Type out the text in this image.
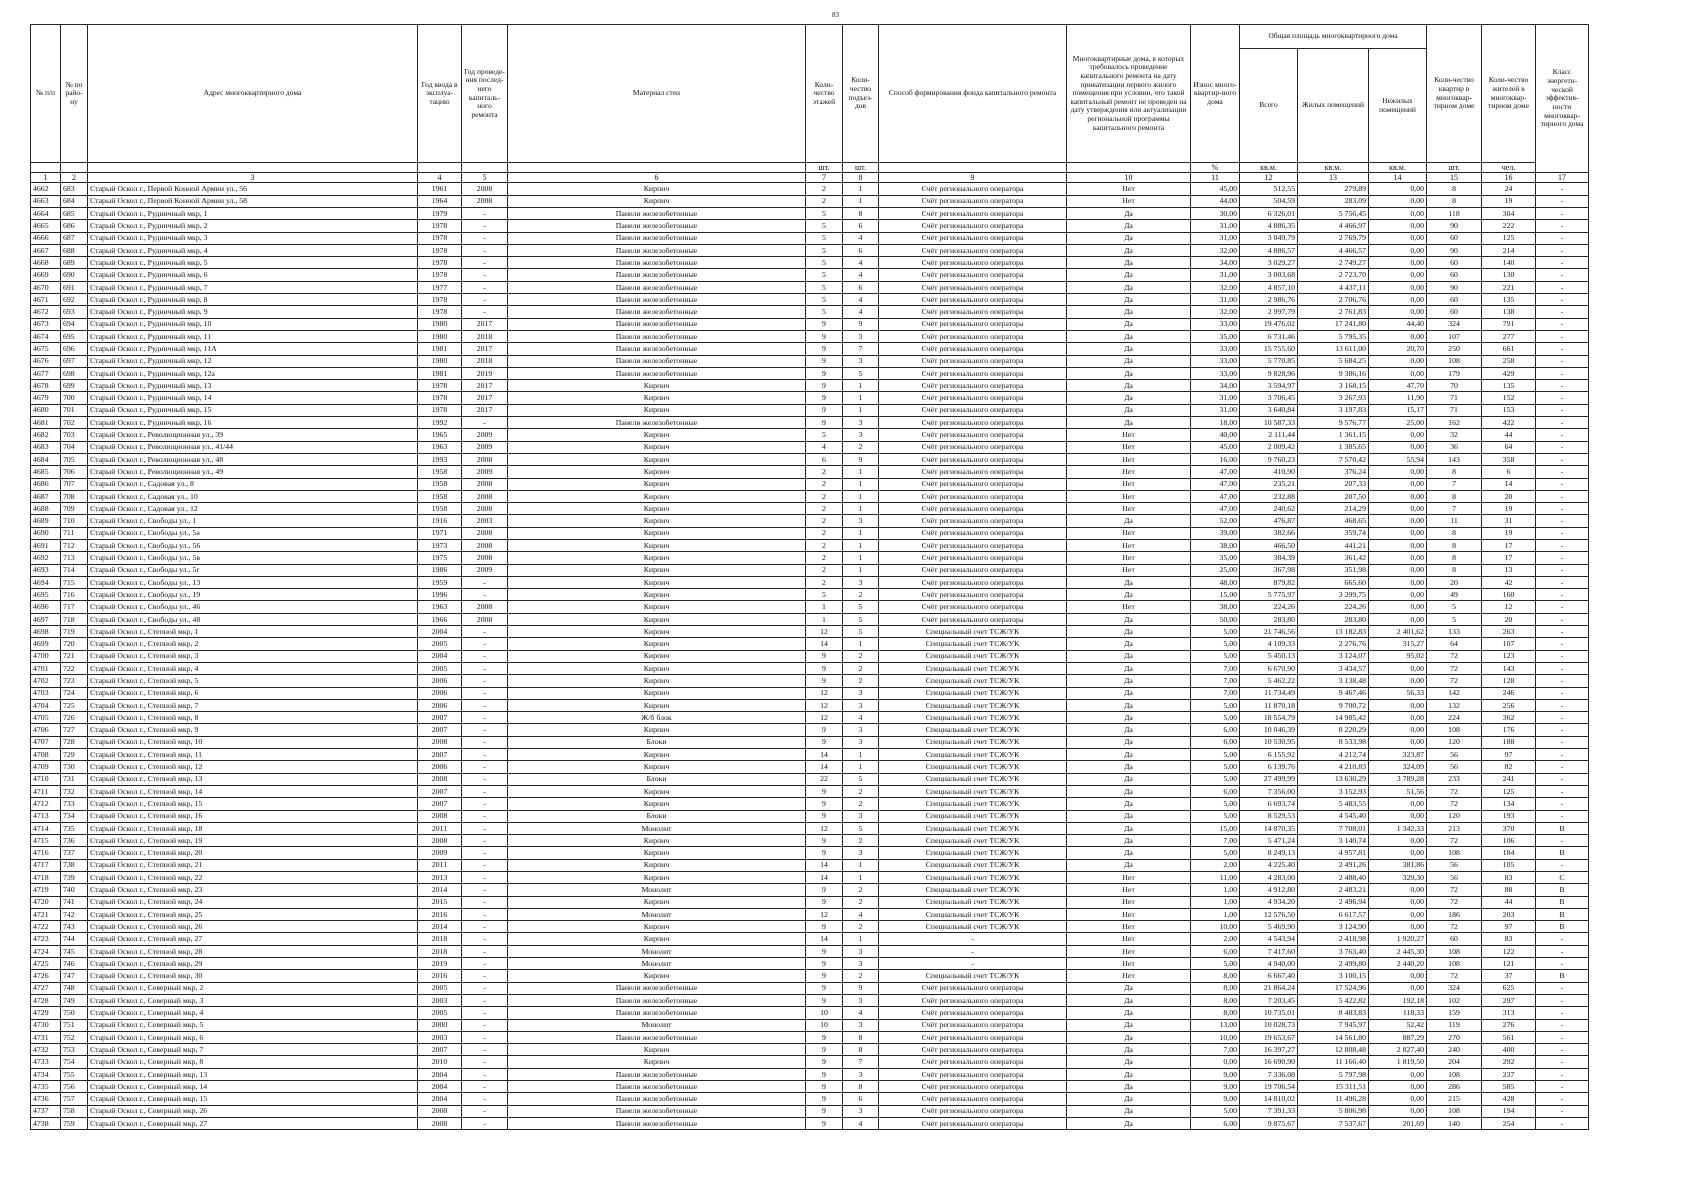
83
№ п/п	№ по райо-ну	Адрес многоквартирного дома	Год ввода в эксплуа-тацию	Год проведе-ния послед-него капиталь-ного ремонта	Материал стен	Коли-чество этажей	Коли-чество подъез-дов	Способ формирования фонда капитального ремонта	Многоквартирные дома, в которых требовалось проведение капитального ремонта на дату приватизации первого жилого помещения при условии, что такой капитальный ремонт не проведен на дату утверждения или актуализации региональной программы капитального ремонта	Износ много-квартир-ного дома	Общая площадь многоквартирного дома			Коли-чество квартир в многоквар-тирном доме	Коли-чество жителей в многоквар-тирном доме	Класс энергети-ческой эффектив-ности многоквар-тирного дома
											Всего	Жилых помещений	Нежилых помещений			
						шт.	шт.			%	кв.м.	кв.м.	кв.м.	шт.	чел.	
1	2	3	4	5	6	7	8	9	10	11	12	13	14	15	16	17
4662	683	Старый Оскол г., Первой Конной Армии ул., 56	1961	2008	Кирпич	2	1	Счёт регионального оператора	Нет	45,00	512,55	279,89	0,00	8	24	-
4663	684	Старый Оскол г., Первой Конной Армии ул., 58	1964	2008	Кирпич	2	1	Счёт регионального оператора	Нет	44,00	504,59	283,09	0,00	8	19	-
4664	685	Старый Оскол г., Рудничный мкр, 1	1979	-	Панели железобетонные	5	8	Счёт регионального оператора	Да	30,00	6 326,01	5 756,45	0,00	118	304	-
4665	686	Старый Оскол г., Рудничный мкр, 2	1978	-	Панели железобетонные	5	6	Счёт регионального оператора	Да	31,00	4 886,35	4 466,97	0,00	90	222	-
4666	687	Старый Оскол г., Рудничный мкр, 3	1978	-	Панели железобетонные	5	4	Счёт регионального оператора	Да	31,00	3 049,79	2 769,79	0,00	60	125	-
4667	688	Старый Оскол г., Рудничный мкр, 4	1978	-	Панели железобетонные	5	6	Счёт регионального оператора	Да	32,00	4 886,57	4 466,57	0,00	90	214	-
4668	689	Старый Оскол г., Рудничный мкр, 5	1978	-	Панели железобетонные	5	4	Счёт регионального оператора	Да	34,00	3 029,27	2 749,27	0,00	60	140	-
4669	690	Старый Оскол г., Рудничный мкр, 6	1978	-	Панели железобетонные	5	4	Счёт регионального оператора	Да	31,00	3 003,68	2 723,70	0,00	60	130	-
4670	691	Старый Оскол г., Рудничный мкр, 7	1977	-	Панели железобетонные	5	6	Счёт регионального оператора	Да	32,00	4 857,10	4 437,11	0,00	90	221	-
4671	692	Старый Оскол г., Рудничный мкр, 8	1978	-	Панели железобетонные	5	4	Счёт регионального оператора	Да	31,00	2 986,76	2 706,76	0,00	60	135	-
4672	693	Старый Оскол г., Рудничный мкр, 9	1978	-	Панели железобетонные	5	4	Счёт регионального оператора	Да	32,00	2 997,79	2 761,83	0,00	60	138	-
4673	694	Старый Оскол г., Рудничный мкр, 10	1980	2017	Панели железобетонные	9	9	Счёт регионального оператора	Да	33,00	19 476,02	17 241,80	44,40	324	791	-
4674	695	Старый Оскол г., Рудничный мкр, 11	1980	2018	Панели железобетонные	9	3	Счёт регионального оператора	Да	35,00	6 731,46	5 795,35	0,00	107	277	-
4675	696	Старый Оскол г., Рудничный мкр, 11А	1981	2017	Панели железобетонные	9	7	Счёт регионального оператора	Да	33,00	15 755,60	13 611,00	20,70	250	661	-
4676	697	Старый Оскол г., Рудничный мкр, 12	1980	2018	Панели железобетонные	9	3	Счёт регионального оператора	Да	33,00	5 770,85	5 684,25	0,00	108	258	-
4677	698	Старый Оскол г., Рудничный мкр, 12а	1981	2019	Панели железобетонные	9	5	Счёт регионального оператора	Да	33,00	9 828,96	9 386,16	0,00	179	429	-
4678	699	Старый Оскол г., Рудничный мкр, 13	1978	2017	Кирпич	9	1	Счёт регионального оператора	Да	34,00	3 594,97	3 168,15	47,70	70	135	-
4679	700	Старый Оскол г., Рудничный мкр, 14	1978	2017	Кирпич	9	1	Счёт регионального оператора	Да	31,00	3 706,45	3 267,93	11,90	71	152	-
4680	701	Старый Оскол г., Рудничный мкр, 15	1978	2017	Кирпич	9	1	Счёт регионального оператора	Да	31,00	3 640,84	3 197,83	15,17	71	153	-
4681	702	Старый Оскол г., Рудничный мкр, 16	1992	-	Панели железобетонные	9	3	Счёт регионального оператора	Да	18,00	10 587,33	9 576,77	25,00	162	422	-
4682	703	Старый Оскол г., Революционная ул., 39	1965	2009	Кирпич	5	3	Счёт регионального оператора	Нет	40,00	2 111,44	1 361,15	0,00	32	44	-
4683	704	Старый Оскол г., Революционная ул., 41/44	1963	2009	Кирпич	4	2	Счёт регионального оператора	Нет	45,00	2 009,42	1 385,65	0,00	36	64	-
4684	705	Старый Оскол г., Революционная ул., 48	1993	2008	Кирпич	6	9	Счёт регионального оператора	Нет	16,00	9 760,23	7 570,42	55,94	143	358	-
4685	706	Старый Оскол г., Революционная ул., 49	1958	2009	Кирпич	2	1	Счёт регионального оператора	Нет	47,00	410,90	376,24	0,00	8	6	-
4686	707	Старый Оскол г., Садовая ул., 8	1958	2008	Кирпич	2	1	Счёт регионального оператора	Нет	47,00	235,21	207,33	0,00	7	14	-
4687	708	Старый Оскол г., Садовая ул., 10	1958	2008	Кирпич	2	1	Счёт регионального оператора	Нет	47,00	232,88	207,50	0,00	8	20	-
4688	709	Старый Оскол г., Садовая ул., 12	1958	2008	Кирпич	2	1	Счёт регионального оператора	Нет	47,00	240,62	214,29	0,00	7	19	-
4689	710	Старый Оскол г., Свободы ул., 1	1916	2003	Кирпич	2	3	Счёт регионального оператора	Да	52,00	476,87	468,65	0,00	11	31	-
4690	711	Старый Оскол г., Свободы ул., 5а	1971	2008	Кирпич	2	1	Счёт регионального оператора	Нет	39,00	382,66	359,74	0,00	8	19	-
4691	712	Старый Оскол г., Свободы ул., 56	1973	2008	Кирпич	2	1	Счёт регионального оператора	Нет	38,00	466,50	441,21	0,00	8	17	-
4692	713	Старый Оскол г., Свободы ул., 5в	1975	2008	Кирпич	2	1	Счёт регионального оператора	Нет	35,00	384,39	361,42	0,00	8	17	-
4693	714	Старый Оскол г., Свободы ул., 5г	1986	2009	Кирпич	2	1	Счёт регионального оператора	Нет	25,00	367,98	351,98	0,00	8	13	-
4694	715	Старый Оскол г., Свободы ул., 13	1959	-	Кирпич	2	3	Счёт регионального оператора	Да	48,00	879,82	665,60	0,00	20	42	-
4695	716	Старый Оскол г., Свободы ул., 19	1996	-	Кирпич	5	2	Счёт регионального оператора	Да	15,00	5 775,97	3 299,75	0,00	49	160	-
4696	717	Старый Оскол г., Свободы ул., 46	1963	2008	Кирпич	1	5	Счёт регионального оператора	Нет	38,00	224,26	224,26	0,00	5	12	-
4697	718	Старый Оскол г., Свободы ул., 48	1966	2008	Кирпич	1	5	Счёт регионального оператора	Да	50,00	283,80	283,80	0,00	5	20	-
4698	719	Старый Оскол г., Степной мкр, 1	2004	-	Кирпич	12	5	Специальный счет ТСЖ/УК	Да	5,00	21 746,56	13 182,83	2 401,62	133	263	-
4699	720	Старый Оскол г., Степной мкр, 2	2005	-	Кирпич	14	1	Специальный счет ТСЖ/УК	Да	5,00	4 109,33	2 276,76	315,27	64	107	-
4700	721	Старый Оскол г., Степной мкр, 3	2004	-	Кирпич	9	2	Специальный счет ТСЖ/УК	Да	5,00	5 450,13	3 124,07	95,02	72	123	-
4701	722	Старый Оскол г., Степной мкр, 4	2005	-	Кирпич	9	2	Специальный счет ТСЖ/УК	Да	7,00	6 670,90	3 434,57	0,00	72	143	-
4702	723	Старый Оскол г., Степной мкр, 5	2006	-	Кирпич	9	2	Специальный счет ТСЖ/УК	Да	7,00	5 462,22	3 138,48	0,00	72	128	-
4703	724	Старый Оскол г., Степной мкр, 6	2006	-	Кирпич	12	3	Специальный счет ТСЖ/УК	Да	7,00	11 734,49	9 467,46	56,33	142	246	-
4704	725	Старый Оскол г., Степной мкр, 7	2006	-	Кирпич	12	3	Специальный счет ТСЖ/УК	Да	5,00	11 870,18	9 700,72	0,00	132	256	-
4705	726	Старый Оскол г., Степной мкр, 8	2007	-	Ж/б блок	12	4	Специальный счет ТСЖ/УК	Да	5,00	18 554,79	14 985,42	0,00	224	362	-
4706	727	Старый Оскол г., Степной мкр, 9	2007	-	Кирпич	9	3	Специальный счет ТСЖ/УК	Да	6,00	10 046,39	8 220,29	0,00	108	176	-
4707	728	Старый Оскол г., Степной мкр, 10	2008	-	Блоки	9	3	Специальный счет ТСЖ/УК	Да	6,00	10 530,95	8 533,98	0,00	120	188	-
4708	729	Старый Оскол г., Степной мкр, 11	2007	-	Кирпич	14	1	Специальный счет ТСЖ/УК	Да	5,00	6 155,92	4 212,74	323,87	56	97	-
4709	730	Старый Оскол г., Степной мкр, 12	2006	-	Кирпич	14	1	Специальный счет ТСЖ/УК	Да	5,00	6 139,76	4 210,83	324,09	56	82	-
4710	731	Старый Оскол г., Степной мкр, 13	2008	-	Блоки	22	5	Специальный счет ТСЖ/УК	Да	5,00	27 499,99	13 630,29	3 789,28	233	241	-
4711	732	Старый Оскол г., Степной мкр, 14	2007	-	Кирпич	9	2	Специальный счет ТСЖ/УК	Да	6,00	7 356,00	3 152,93	51,56	72	125	-
4712	733	Старый Оскол г., Степной мкр, 15	2007	-	Кирпич	9	2	Специальный счет ТСЖ/УК	Да	5,00	6 693,74	5 483,55	0,00	72	134	-
4713	734	Старый Оскол г., Степной мкр, 16	2008	-	Блоки	9	3	Специальный счет ТСЖ/УК	Да	5,00	8 529,53	4 545,40	0,00	120	193	-
4714	735	Старый Оскол г., Степной мкр, 18	2011	-	Монолит	12	5	Специальный счет ТСЖ/УК	Да	15,00	14 870,35	7 708,01	1 342,33	213	370	В
4715	736	Старый Оскол г., Степной мкр, 19	2008	-	Кирпич	9	2	Специальный счет ТСЖ/УК	Да	7,00	5 471,24	3 140,74	0,00	72	106	-
4716	737	Старый Оскол г., Степной мкр, 20	2009	-	Кирпич	9	3	Специальный счет ТСЖ/УК	Да	5,00	8 249,13	4 957,81	0,00	108	184	В
4717	738	Старый Оскол г., Степной мкр, 21	2011	-	Кирпич	14	1	Специальный счет ТСЖ/УК	Да	2,00	4 225,40	2 491,26	381,86	56	105	-
4718	739	Старый Оскол г., Степной мкр, 22	2013	-	Кирпич	14	1	Специальный счет ТСЖ/УК	Нет	11,00	4 283,00	2 488,40	329,30	56	83	С
4719	740	Старый Оскол г., Степной мкр, 23	2014	-	Монолит	9	2	Специальный счет ТСЖ/УК	Нет	1,00	4 912,80	2 483,21	0,00	72	88	В
4720	741	Старый Оскол г., Степной мкр, 24	2015	-	Кирпич	9	2	Специальный счет ТСЖ/УК	Нет	1,00	4 934,20	2 496,94	0,00	72	44	В
4721	742	Старый Оскол г., Степной мкр, 25	2016	-	Монолит	12	4	Специальный счет ТСЖ/УК	Нет	1,00	12 576,50	6 617,57	0,00	186	203	В
4722	743	Старый Оскол г., Степной мкр, 26	2014	-	Кирпич	9	2	Специальный счет ТСЖ/УК	Нет	10,00	5 469,90	3 124,90	0,00	72	97	В
4723	744	Старый Оскол г., Степной мкр, 27	2018	-	Кирпич	14	1	-	Нет	2,00	4 543,94	2 418,98	1 920,27	60	83	-
4724	745	Старый Оскол г., Степной мкр, 28	2018	-	Монолит	9	3	-	Нет	6,00	7 417,60	3 763,40	2 445,30	108	122	-
4725	746	Старый Оскол г., Степной мкр, 29	2019	-	Монолит	9	3	-	Нет	5,00	4 940,00	2 499,80	2 440,20	108	121	-
4726	747	Старый Оскол г., Степной мкр, 30	2016	-	Кирпич	9	2	Специальный счет ТСЖ/УК	Нет	8,00	6 667,40	3 100,15	0,00	72	37	В
4727	748	Старый Оскол г., Северный мкр, 2	2005	-	Панели железобетонные	9	9	Счёт регионального оператора	Да	8,00	21 864,24	17 524,96	0,00	324	625	-
4728	749	Старый Оскол г., Северный мкр, 3	2003	-	Панели железобетонные	9	3	Счёт регионального оператора	Да	8,00	7 203,45	5 422,82	192,18	102	297	-
4729	750	Старый Оскол г., Северный мкр, 4	2005	-	Панели железобетонные	10	4	Счёт регионального оператора	Да	8,00	10 735,01	8 483,83	118,33	159	313	-
4730	751	Старый Оскол г., Северный мкр, 5	2000	-	Монолит	10	3	Счёт регионального оператора	Да	13,00	10 028,73	7 945,97	52,42	119	276	-
4731	752	Старый Оскол г., Северный мкр, 6	2003	-	Панели железобетонные	9	8	Счёт регионального оператора	Да	10,00	19 653,67	14 561,80	887,29	270	561	-
4732	753	Старый Оскол г., Северный мкр, 7	2007	-	Кирпич	9	8	Счёт регионального оператора	Да	7,00	16 397,27	12 808,48	2 827,40	240	400	-
4733	754	Старый Оскол г., Северный мкр, 8	2010	-	Кирпич	9	7	Счёт регионального оператора	Да	0,00	16 690,90	11 166,40	1 819,50	204	292	-
4734	755	Старый Оскол г., Северный мкр, 13	2004	-	Панели железобетонные	9	3	Счёт регионального оператора	Да	9,00	7 336,08	5 797,98	0,00	108	237	-
4735	756	Старый Оскол г., Северный мкр, 14	2004	-	Панели железобетонные	9	8	Счёт регионального оператора	Да	9,00	19 706,54	15 311,51	0,00	286	585	-
4736	757	Старый Оскол г., Северный мкр, 15	2004	-	Панели железобетонные	9	6	Счёт регионального оператора	Да	9,00	14 810,02	11 496,28	0,00	215	428	-
4737	758	Старый Оскол г., Северный мкр, 26	2008	-	Панели железобетонные	9	3	Счёт регионального оператора	Да	5,00	7 391,33	5 806,98	0,00	108	194	-
4738	759	Старый Оскол г., Северный мкр, 27	2008	-	Панели железобетонные	9	4	Счёт регионального оператора	Да	6,00	9 875,67	7 537,67	201,69	140	254	-
